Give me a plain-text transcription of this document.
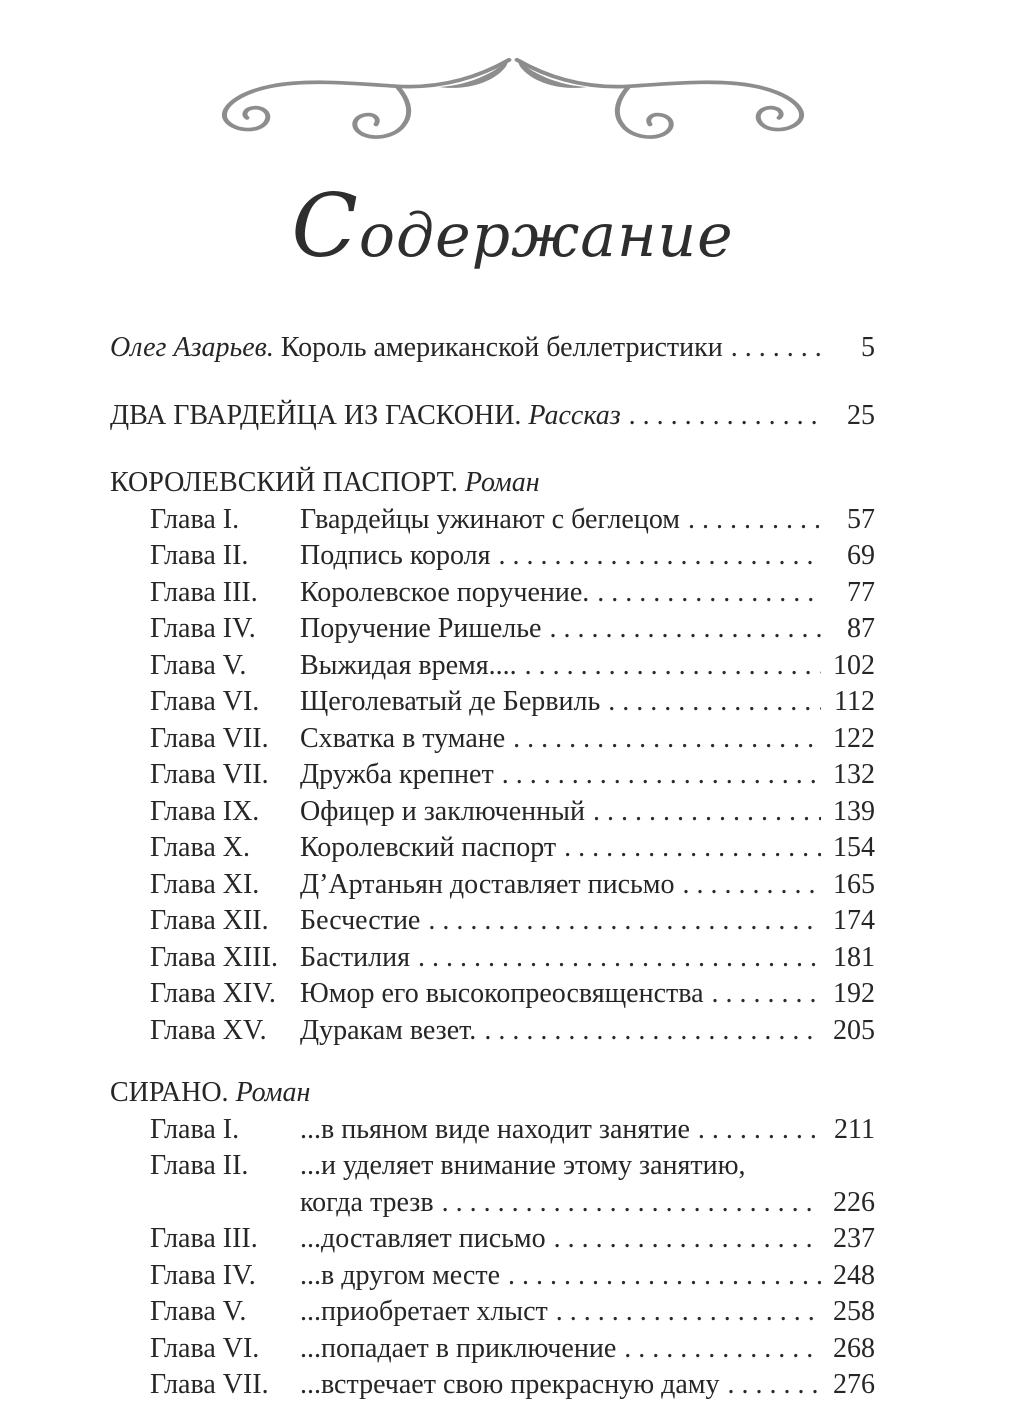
Содержание
Олег Азарьев. Король американской беллетристики . . .	5
ДВА ГВАРДЕЙЦА ИЗ ГАСКОНИ. Рассказ . . .	25
КОРОЛЕВСКИЙ ПАСПОРТ. Роман
Глава I.	Гвардейцы ужинают с беглецом . . .	57
Глава II.	Подпись короля . . .	69
Глава III.	Королевское поручение. . . .	77
Глава IV.	Поручение Ришелье . . .	87
Глава V.	Выжидая время.... . . .	102
Глава VI.	Щеголеватый де Бервиль . . .	112
Глава VII.	Схватка в тумане . . .	122
Глава VII.	Дружба крепнет . . .	132
Глава IX.	Офицер и заключенный . . .	139
Глава X.	Королевский паспорт . . .	154
Глава XI.	Д’Артаньян доставляет письмо . . .	165
Глава XII.	Бесчестие . . .	174
Глава XIII. Бастилия . . .	181
Глава XIV. Юмор его высокопреосвященства . . .	192
Глава XV.	Дуракам везет. . . .	205
СИРАНО. Роман
Глава I.	...в пьяном виде находит занятие . . .	211
Глава II.	...и уделяет внимание этому занятию,
когда трезв . . .	226
Глава III.	...доставляет письмо . . .	237
Глава IV.	...в другом месте . . .	248
Глава V.	...приобретает хлыст . . .	258
Глава VI.	...попадает в приключение . . .	268
Глава VII.	...встречает свою прекрасную даму . . .	276
